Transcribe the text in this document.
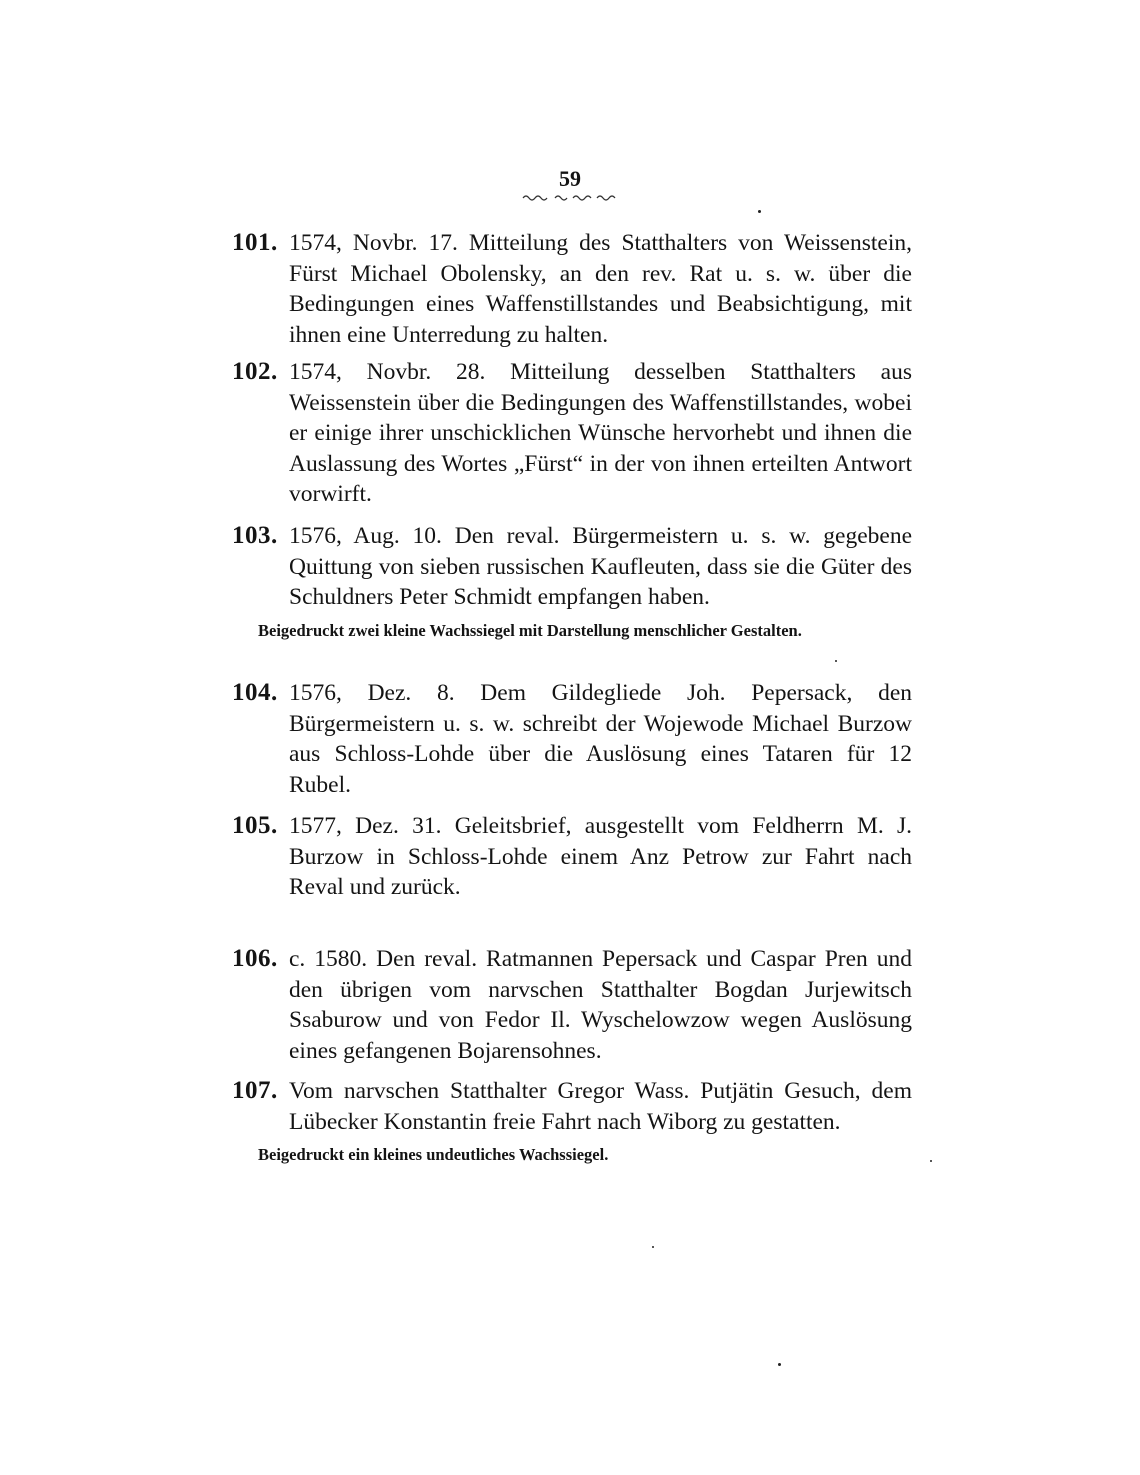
59
101. 1574, Novbr. 17. Mitteilung des Statthalters von Weissenstein, Fürst Michael Obolensky, an den rev. Rat u. s. w. über die Bedingungen eines Waffenstillstandes und Beabsichtigung, mit ihnen eine Unterredung zu halten.
102. 1574, Novbr. 28. Mitteilung desselben Statthalters aus Weissenstein über die Bedingungen des Waffenstillstandes, wobei er einige ihrer unschicklichen Wünsche hervorhebt und ihnen die Auslassung des Wortes „Fürst“ in der von ihnen erteilten Antwort vorwirft.
103. 1576, Aug. 10. Den reval. Bürgermeistern u. s. w. gegebene Quittung von sieben russischen Kaufleuten, dass sie die Güter des Schuldners Peter Schmidt empfangen haben.
Beigedruckt zwei kleine Wachssiegel mit Darstellung menschlicher Gestalten.
104. 1576, Dez. 8. Dem Gildegliede Joh. Pepersack, den Bürgermeistern u. s. w. schreibt der Wojewode Michael Burzow aus Schloss-Lohde über die Auslösung eines Tataren für 12 Rubel.
105. 1577, Dez. 31. Geleitsbrief, ausgestellt vom Feldherrn M. J. Burzow in Schloss-Lohde einem Anz Petrow zur Fahrt nach Reval und zurück.
106. c. 1580. Den reval. Ratmannen Pepersack und Caspar Pren und den übrigen vom narvschen Statthalter Bogdan Jurjewitsch Ssaburow und von Fedor Il. Wyschelowzow wegen Auslösung eines gefangenen Bojarensohnes.
107. Vom narvschen Statthalter Gregor Wass. Putjätin Gesuch, dem Lübecker Konstantin freie Fahrt nach Wiborg zu gestatten.
Beigedruckt ein kleines undeutliches Wachssiegel.
